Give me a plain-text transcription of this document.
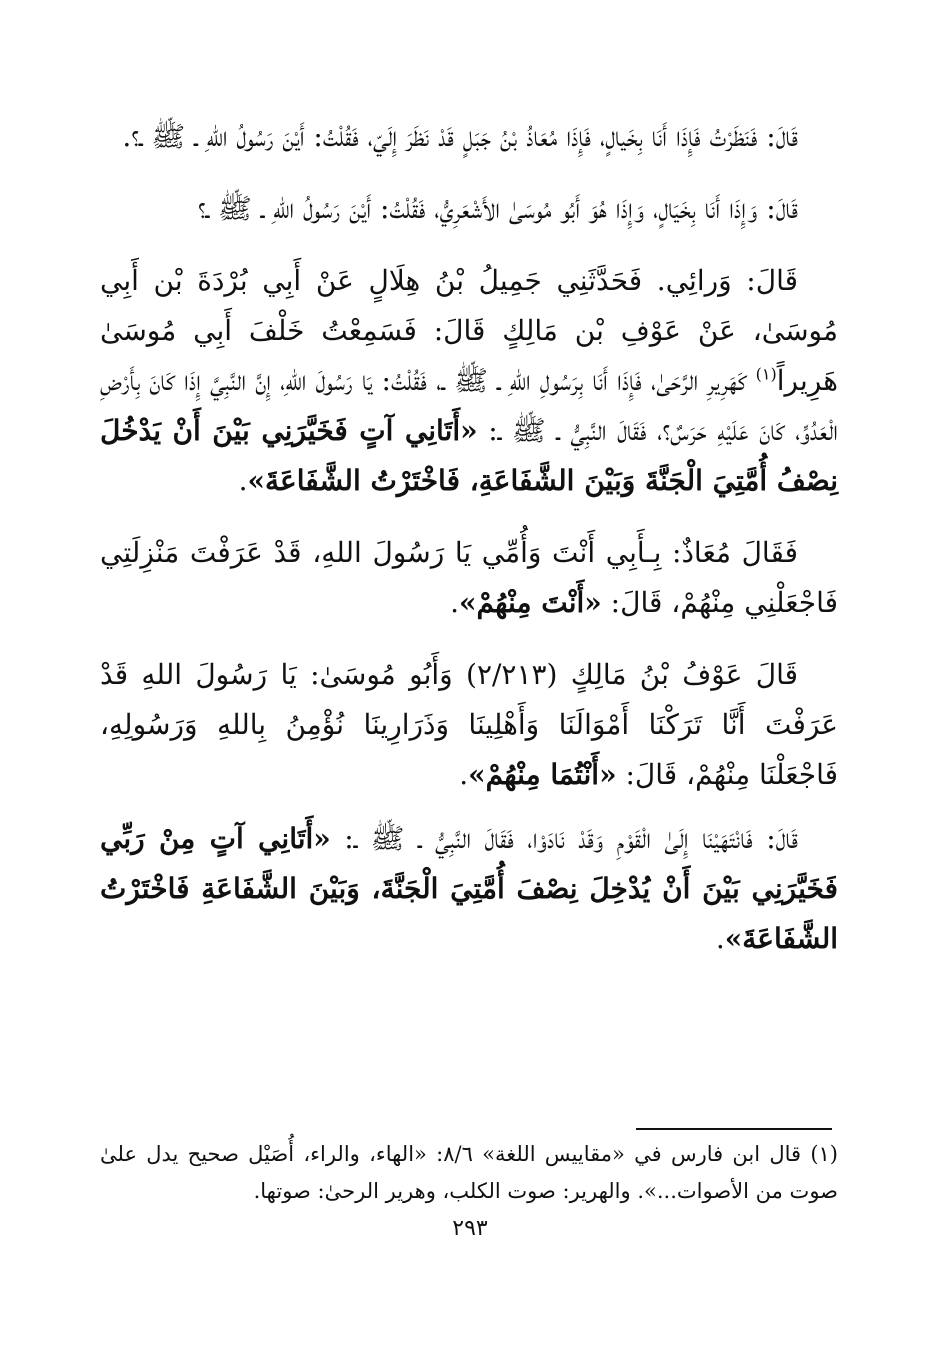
قَالَ: فَنَظَرْتُ فَإِذَا أَنَا بِخَيالٍ، فَإِذَا مُعَاذُ بْنُ جَبَلٍ قَدْ نَظَرَ إِلَيّ، فَقُلْتُ: أَيْنَ رَسُولُ اللهِ ـ ﷺ ـ؟.

قَالَ: وَإِذَا أَنَا بِخَيَالٍ، وَإِذَا هُوَ أَبُو مُوسَىٰ الأَشْعَرِيُّ، فَقُلْتُ: أَيْنَ رَسُولُ اللهِ ـ ﷺ ـ؟

قَالَ: وَرائِي. فَحَدَّثَنِي جَمِيلُ بْنُ هِلَالٍ عَنْ أَبِي بُرْدَةَ بْن أَبِي مُوسَىٰ، عَنْ عَوْفِ بْن مَالِكٍ قَالَ: فَسَمِعْتُ خَلْفَ أَبِي مُوسَىٰ هَرِيراً$^{(١)}$ كَهَرِيرِ الرَّحَىٰ، فَإِذَا أَنَا بِرَسُولِ اللهِ ـ ﷺ ـ، فَقُلْتُ: يَا رَسُولَ اللهِ، إِنَّ النَّبِيَّ إِذَا كَانَ بِأَرْضِ الْعَدُوِّ، كَانَ عَلَيْهِ حَرَسٌ؟، فَقَالَ النَّبِيُّ ـ ﷺ ـ: «أَتَانِي آتٍ فَخَيَّرَنِي بَيْنَ أَنْ يَدْخُلَ نِصْفُ أُمَّتِيَ الْجَنَّةَ وَبَيْنَ الشَّفَاعَةِ، فَاخْتَرْتُ الشَّفَاعَةَ».

فَقَالَ مُعَاذٌ: بِـأَبِي أَنْتَ وَأُمِّي يَا رَسُولَ اللهِ، قَدْ عَرَفْتَ مَنْزِلَتِي فَاجْعَلْنِي مِنْهُمْ، قَالَ: «أَنْتَ مِنْهُمْ».

قَالَ عَوْفُ بْنُ مَالِكٍ (٢/٢١٣) وَأَبُو مُوسَىٰ: يَا رَسُولَ اللهِ قَدْ عَرَفْتَ أَنَّا تَرَكْنَا أَمْوَالَنَا وَأَهْلِينَا وَذَرَارِينَا نُؤْمِنُ بِاللهِ وَرَسُولِهِ، فَاجْعَلْنَا مِنْهُمْ، قَالَ: «أَنْتُمَا مِنْهُمْ».

قَالَ: فَانْتَهَيْنَا إِلَىٰ الْقَوْمِ وَقَدْ نَادَوْا، فَقَالَ النَّبِيُّ ـ ﷺ ـ: «أَتَانِي آتٍ مِنْ رَبِّي فَخَيَّرَنِي بَيْنَ أَنْ يُدْخِلَ نِصْفَ أُمَّتِيَ الْجَنَّةَ، وَبَيْنَ الشَّفَاعَةِ فَاخْتَرْتُ الشَّفَاعَةَ».

(١) قال ابن فارس في «مقاييس اللغة» ٨/٦: «الهاء، والراء، أُصَيْل صحيح يدل علىٰ صوت من الأصوات...». والهرير: صوت الكلب، وهرير الرحىٰ: صوتها.

٢٩٣
